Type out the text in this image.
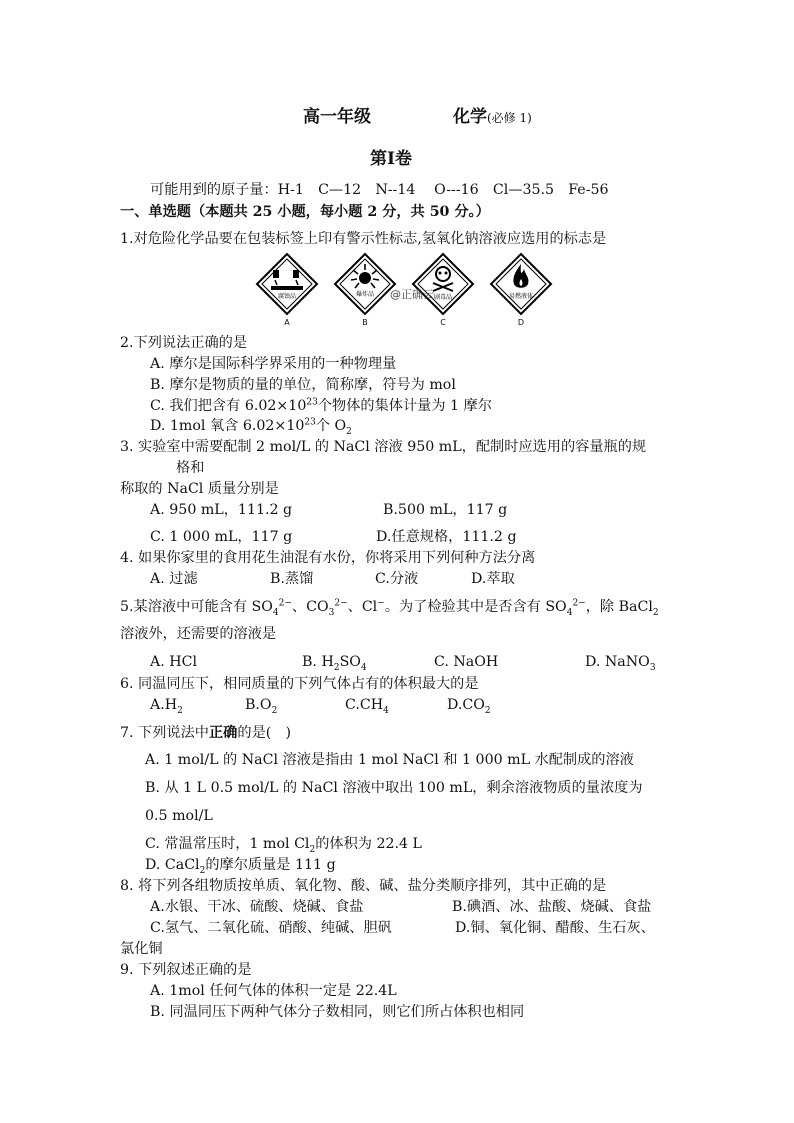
高一年级	化学(必修 1)
第Ⅰ卷
可能用到的原子量：H-1　C—12　N--14　 O---16　Cl—35.5　Fe-56
一、单选题（本题共 25 小题，每小题 2 分，共 50 分。）
1.对危险化学品要在包装标签上印有警示性标志,氢氧化钠溶液应选用的标志是
腐蚀品
A
爆炸品
B
剧毒品
C
易燃液体
D
@正确云
2.下列说法正确的是
A. 摩尔是国际科学界采用的一种物理量
B. 摩尔是物质的量的单位，简称摩，符号为 mol
C. 我们把含有 $6.02\times 10^{23}$个物体的集体计量为 1 摩尔
D. 1mol 氧含 $6.02\times 10^{23}$个 $O_2$
3. 实验室中需要配制 2 mol/L 的 NaCl 溶液 950 mL，配制时应选用的容量瓶的规
格和
称取的 NaCl 质量分别是
A. 950 mL，111.2 g	B.500 mL，117 g
C. 1 000 mL，117 g	D.任意规格，111.2 g
4. 如果你家里的食用花生油混有水份，你将采用下列何种方法分离
A. 过滤	B.蒸馏	C.分液	D.萃取
5.某溶液中可能含有 $SO_4^{2-}$、$CO_3^{2-}$、Cl−。为了检验其中是否含有 $SO_4^{2-}$，除 BaCl$_2$
溶液外，还需要的溶液是
A. HCl	B. $H_2SO_4$	C. NaOH	D. NaNO$_3$
6. 同温同压下，相同质量的下列气体占有的体积最大的是
$A.H_2$	$B.O_2$	$C.CH_4$	$D.CO_2$
7. 下列说法中正确的是(　)
A. 1 mol/L 的 NaCl 溶液是指由 1 mol NaCl 和 1 000 mL 水配制成的溶液
B. 从 1 L 0.5 mol/L 的 NaCl 溶液中取出 100 mL，剩余溶液物质的量浓度为
0.5 mol/L
C. 常温常压时，1 mol $Cl_2$的体积为 22.4 L
D. CaCl$_2$的摩尔质量是 111 g
8. 将下列各组物质按单质、氧化物、酸、碱、盐分类顺序排列，其中正确的是
A.水银、干冰、硫酸、烧碱、食盐	B.碘酒、冰、盐酸、烧碱、食盐
C.氢气、二氧化硫、硝酸、纯碱、胆矾	D.铜、氧化铜、醋酸、生石灰、
氯化铜
9. 下列叙述正确的是
A. 1mol 任何气体的体积一定是 22.4L
B. 同温同压下两种气体分子数相同，则它们所占体积也相同
